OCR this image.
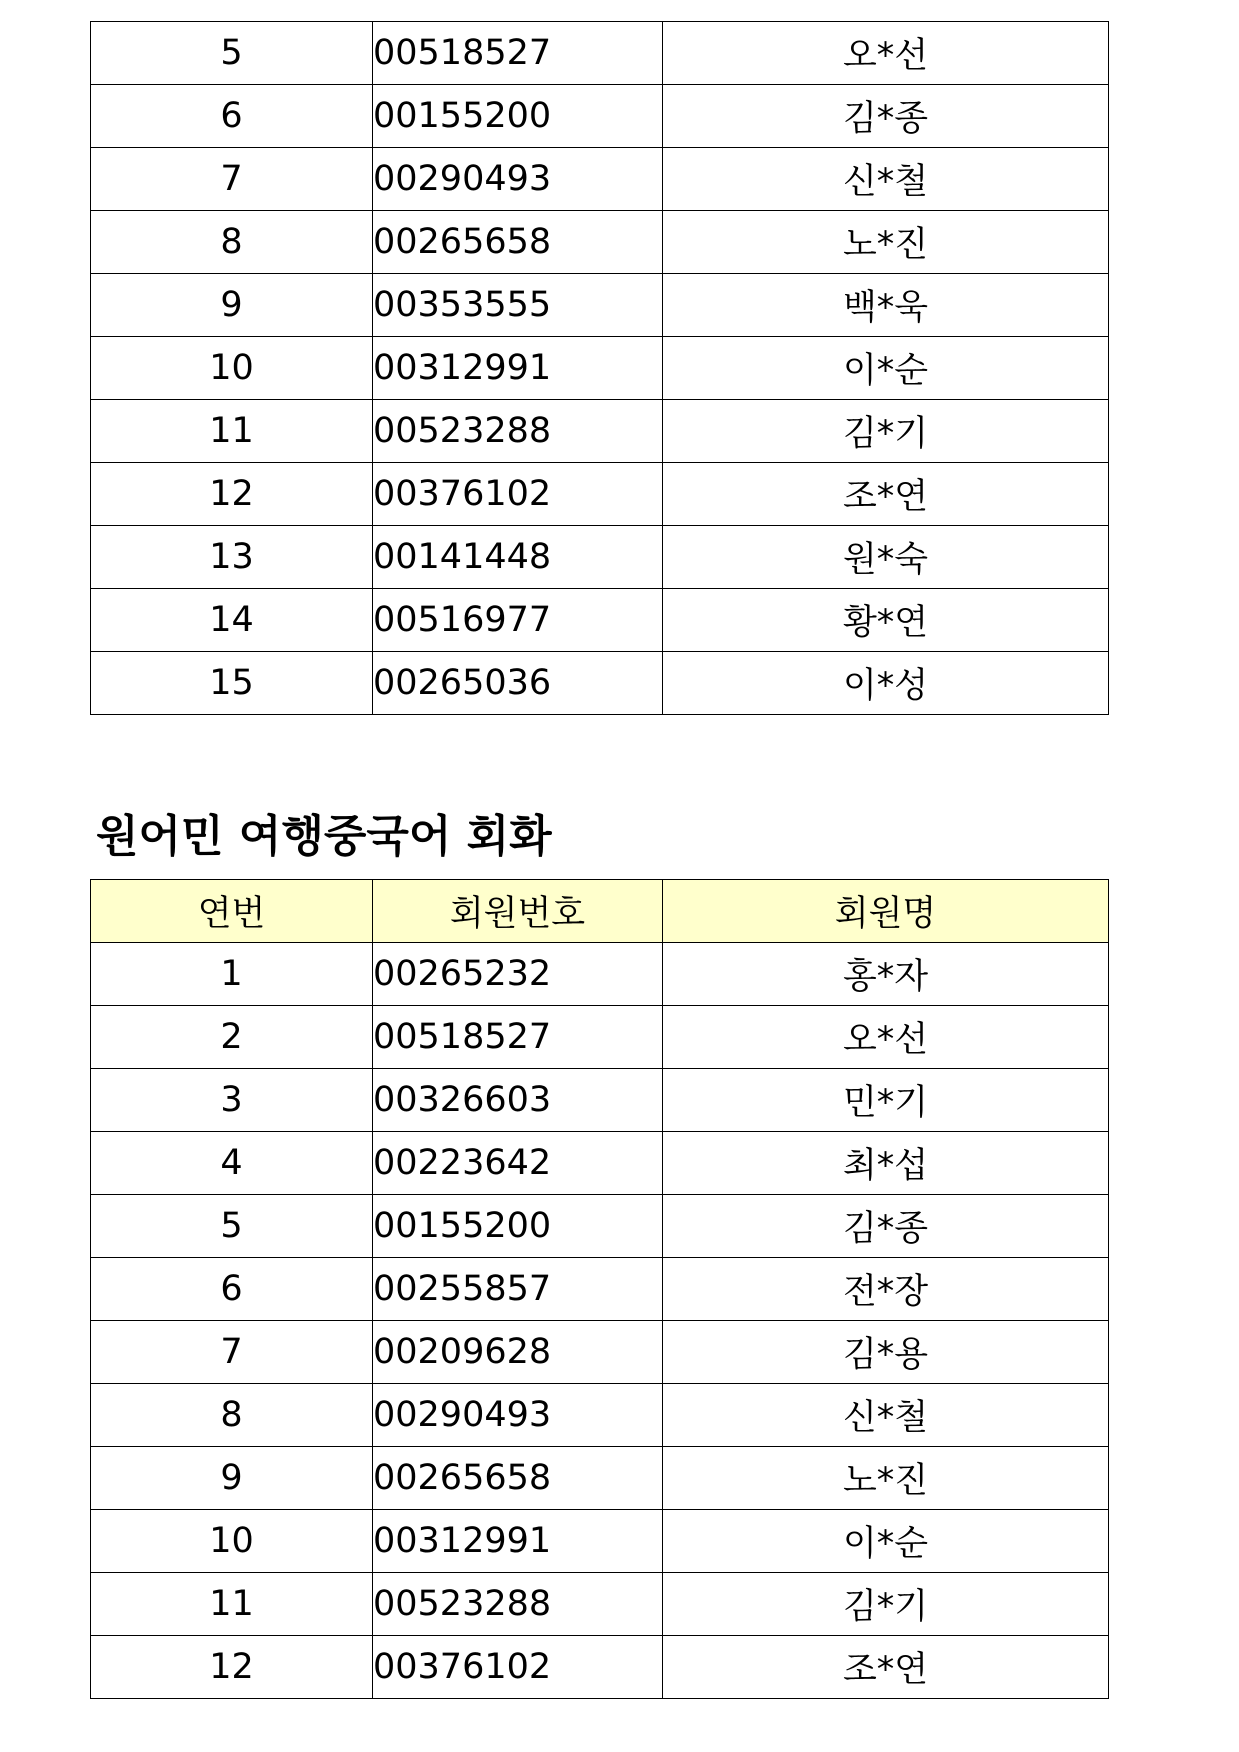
5	00518527	오*선
6	00155200	김*종
7	00290493	신*철
8	00265658	노*진
9	00353555	백*욱
10	00312991	이*순
11	00523288	김*기
12	00376102	조*연
13	00141448	원*숙
14	00516977	황*연
15	00265036	이*성
원어민 여행중국어 회화
연번	회원번호	회원명
1	00265232	홍*자
2	00518527	오*선
3	00326603	민*기
4	00223642	최*섭
5	00155200	김*종
6	00255857	전*장
7	00209628	김*용
8	00290493	신*철
9	00265658	노*진
10	00312991	이*순
11	00523288	김*기
12	00376102	조*연
